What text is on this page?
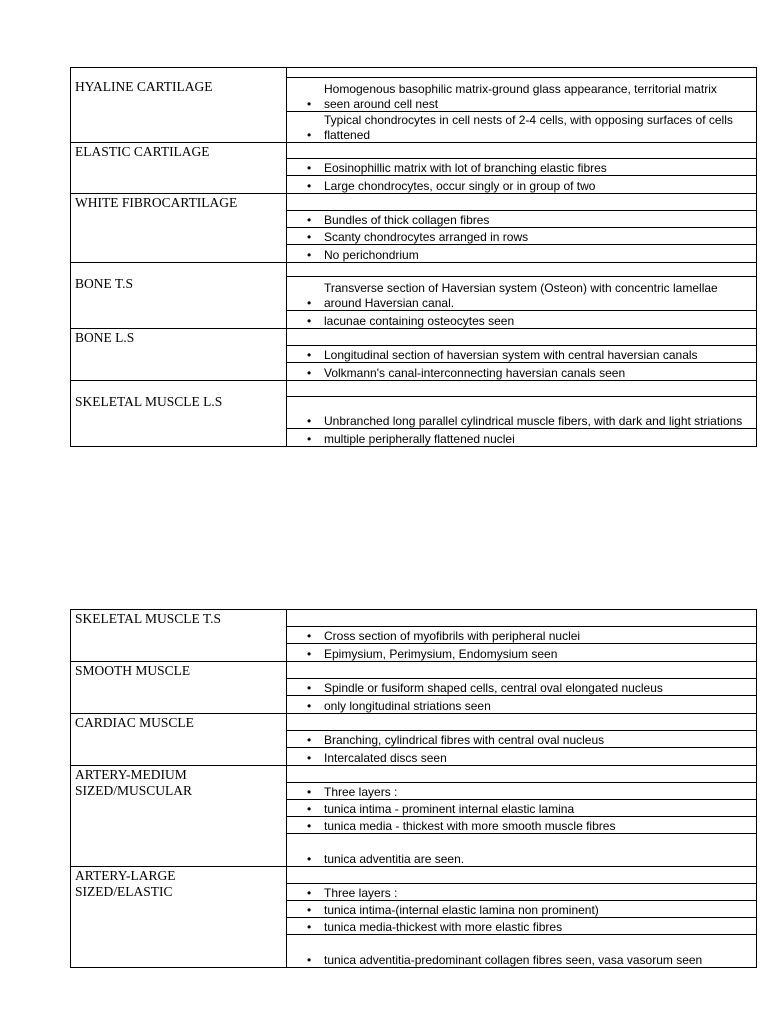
HYALINE CARTILAGE	• Homogenous basophilic matrix-ground glass appearance, territorial matrix seen around cell nest
• Typical chondrocytes in cell nests of 2-4 cells, with opposing surfaces of cells flattened
ELASTIC CARTILAGE
• Eosinophillic matrix with lot of branching elastic fibres
• Large chondrocytes, occur singly or in group of two
WHITE FIBROCARTILAGE
• Bundles of thick collagen fibres
• Scanty chondrocytes arranged in rows
• No perichondrium
BONE T.S	• Transverse section of Haversian system (Osteon) with concentric lamellae around Haversian canal.
• lacunae containing osteocytes seen
BONE L.S
• Longitudinal section of haversian system with central haversian canals
• Volkmann's canal-interconnecting haversian canals seen
SKELETAL MUSCLE L.S
• Unbranched long parallel cylindrical muscle fibers, with dark and light striations
• multiple peripherally flattened nuclei
SKELETAL MUSCLE T.S
• Cross section of myofibrils with peripheral nuclei
• Epimysium, Perimysium, Endomysium seen
SMOOTH MUSCLE
• Spindle or fusiform shaped cells, central oval elongated nucleus
• only longitudinal striations seen
CARDIAC MUSCLE
• Branching, cylindrical fibres with central oval nucleus
• Intercalated discs seen
ARTERY-MEDIUM
SIZED/MUSCULAR	• Three layers :
• tunica intima - prominent internal elastic lamina
• tunica media - thickest with more smooth muscle fibres
• tunica adventitia are seen.
ARTERY-LARGE
SIZED/ELASTIC	• Three layers :
• tunica intima-(internal elastic lamina non prominent)
• tunica media-thickest with more elastic fibres
• tunica adventitia-predominant collagen fibres seen, vasa vasorum seen
